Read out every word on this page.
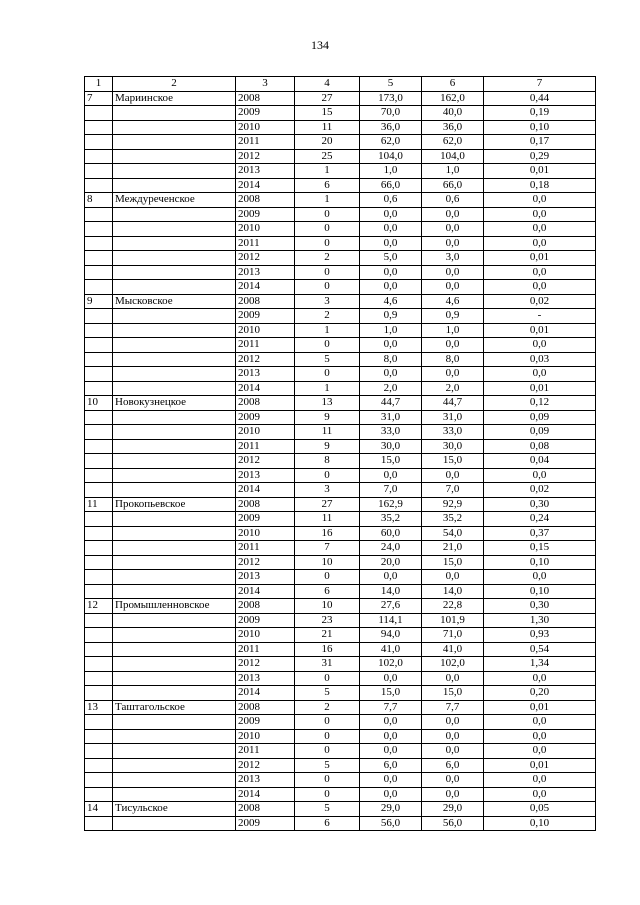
134
1	2	3	4	5	6	7
7	Мариинское	2008	27	173,0	162,0	0,44
		2009	15	70,0	40,0	0,19
		2010	11	36,0	36,0	0,10
		2011	20	62,0	62,0	0,17
		2012	25	104,0	104,0	0,29
		2013	1	1,0	1,0	0,01
		2014	6	66,0	66,0	0,18
8	Междуреченское	2008	1	0,6	0,6	0,0
		2009	0	0,0	0,0	0,0
		2010	0	0,0	0,0	0,0
		2011	0	0,0	0,0	0,0
		2012	2	5,0	3,0	0,01
		2013	0	0,0	0,0	0,0
		2014	0	0,0	0,0	0,0
9	Мысковское	2008	3	4,6	4,6	0,02
		2009	2	0,9	0,9	-
		2010	1	1,0	1,0	0,01
		2011	0	0,0	0,0	0,0
		2012	5	8,0	8,0	0,03
		2013	0	0,0	0,0	0,0
		2014	1	2,0	2,0	0,01
10	Новокузнецкое	2008	13	44,7	44,7	0,12
		2009	9	31,0	31,0	0,09
		2010	11	33,0	33,0	0,09
		2011	9	30,0	30,0	0,08
		2012	8	15,0	15,0	0,04
		2013	0	0,0	0,0	0,0
		2014	3	7,0	7,0	0,02
11	Прокопьевское	2008	27	162,9	92,9	0,30
		2009	11	35,2	35,2	0,24
		2010	16	60,0	54,0	0,37
		2011	7	24,0	21,0	0,15
		2012	10	20,0	15,0	0,10
		2013	0	0,0	0,0	0,0
		2014	6	14,0	14,0	0,10
12	Промышленновское	2008	10	27,6	22,8	0,30
		2009	23	114,1	101,9	1,30
		2010	21	94,0	71,0	0,93
		2011	16	41,0	41,0	0,54
		2012	31	102,0	102,0	1,34
		2013	0	0,0	0,0	0,0
		2014	5	15,0	15,0	0,20
13	Таштагольское	2008	2	7,7	7,7	0,01
		2009	0	0,0	0,0	0,0
		2010	0	0,0	0,0	0,0
		2011	0	0,0	0,0	0,0
		2012	5	6,0	6,0	0,01
		2013	0	0,0	0,0	0,0
		2014	0	0,0	0,0	0,0
14	Тисульское	2008	5	29,0	29,0	0,05
		2009	6	56,0	56,0	0,10
